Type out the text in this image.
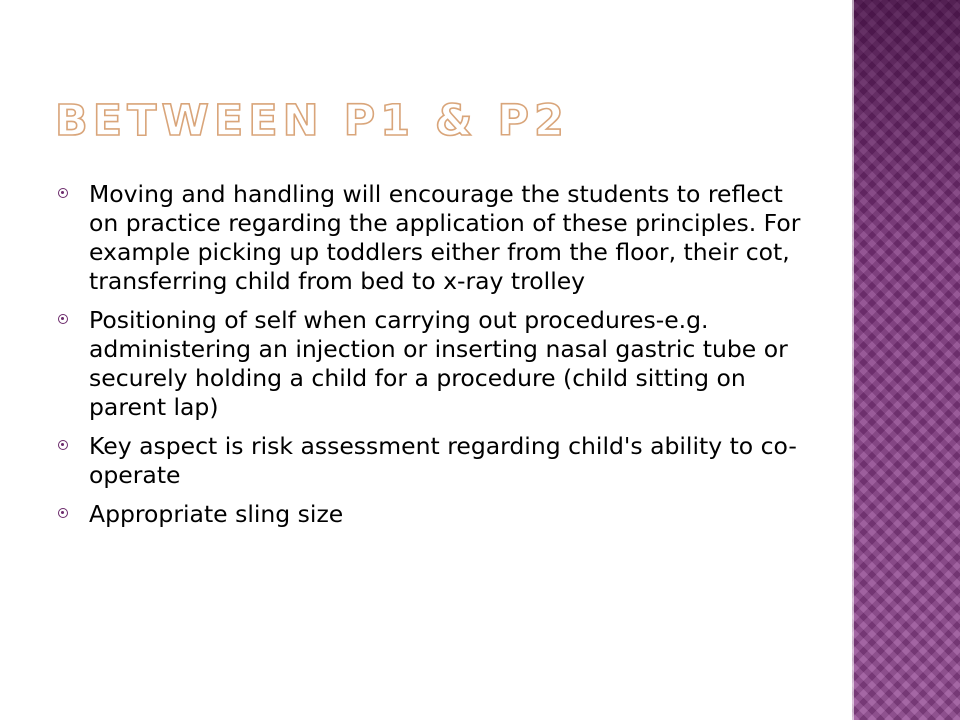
BETWEEN P1 & P2
Moving and handling will encourage the students to reflect on practice regarding the application of these principles. For example picking up toddlers either from the floor, their cot, transferring child from bed to x-ray trolley
Positioning of self when carrying out procedures-e.g. administering an injection or inserting nasal gastric tube or securely holding a child for a procedure (child sitting on parent lap)
Key aspect is risk assessment regarding child's ability to co-operate
Appropriate sling size
